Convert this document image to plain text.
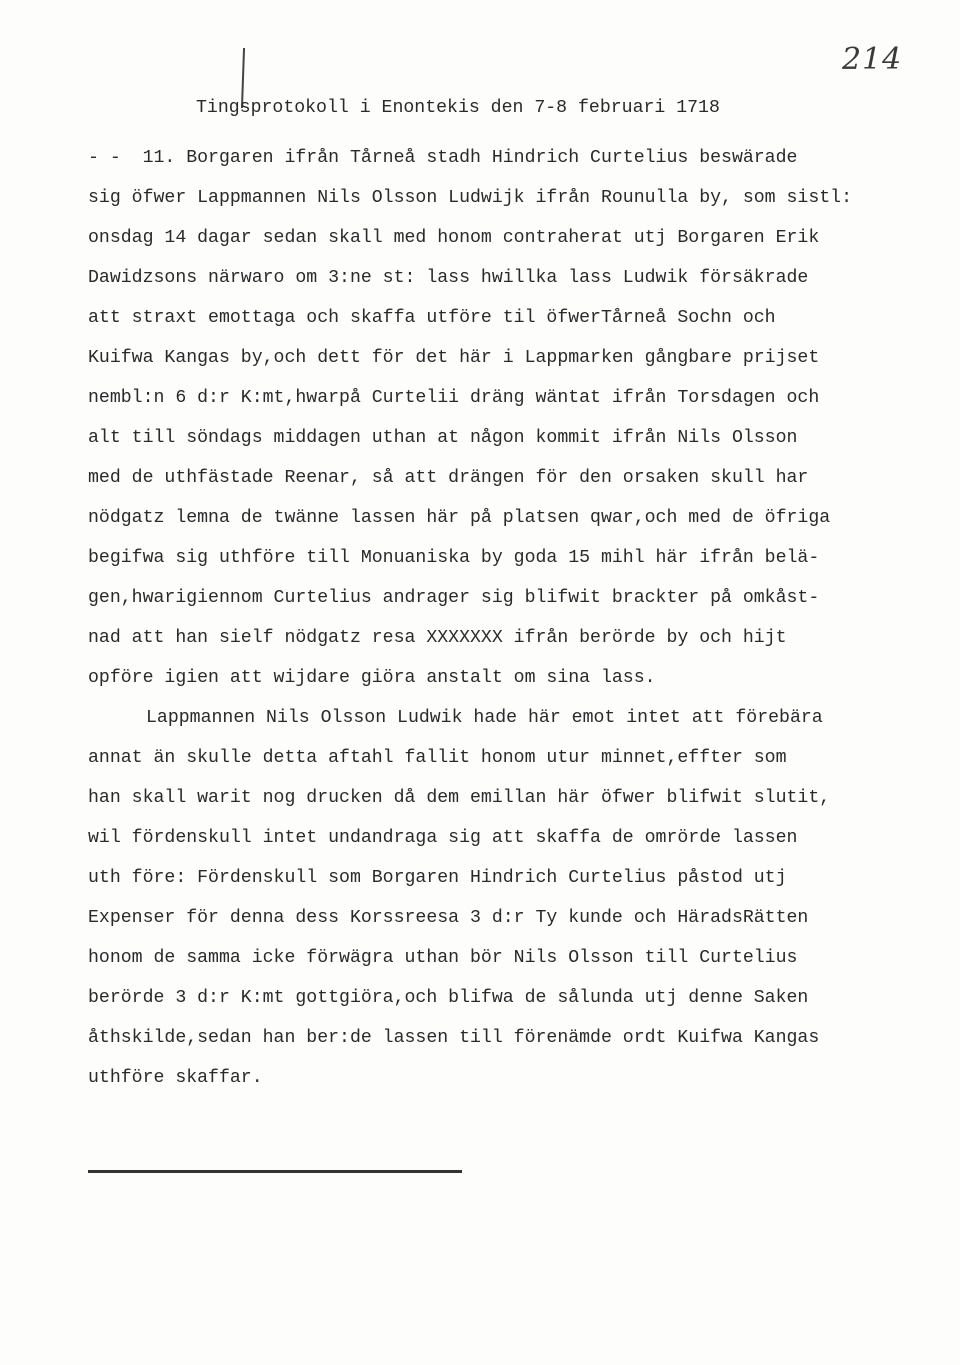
214
Tingsprotokoll i Enontekis den 7-8 februari 1718
- -  11. Borgaren ifrån Tårneå stadh Hindrich Curtelius beswärade
sig öfwer Lappmannen Nils Olsson Ludwijk ifrån Rounulla by, som sistl:
onsdag 14 dagar sedan skall med honom contraherat utj Borgaren Erik
Dawidzsons närwaro om 3:ne st: lass hwillka lass Ludwik försäkrade
att straxt emottaga och skaffa utföre til öfwerTårneå Sochn och
Kuifwa Kangas by,och dett för det här i Lappmarken gångbare prijset
nembl:n 6 d:r K:mt,hwarpå Curtelii dräng wäntat ifrån Torsdagen och
alt till söndags middagen uthan at någon kommit ifrån Nils Olsson
med de uthfästade Reenar, så att drängen för den orsaken skull har
nödgatz lemna de twänne lassen här på platsen qwar,och med de öfriga
begifwa sig uthföre till Monuaniska by goda 15 mihl här ifrån belä-
gen,hwarigiennom Curtelius andrager sig blifwit brackter på omkåst-
nad att han sielf nödgatz resa XXXXXXX ifrån berörde by och hijt
opföre igien att wijdare giöra anstalt om sina lass.
Lappmannen Nils Olsson Ludwik hade här emot intet att förebära
annat än skulle detta aftahl fallit honom utur minnet,effter som
han skall warit nog drucken då dem emillan här öfwer blifwit slutit,
wil fördenskull intet undandraga sig att skaffa de omrörde lassen
uth före: Fördenskull som Borgaren Hindrich Curtelius påstod utj
Expenser för denna dess Korssreesa 3 d:r Ty kunde och HäradsRätten
honom de samma icke förwägra uthan bör Nils Olsson till Curtelius
berörde 3 d:r K:mt gottgiöra,och blifwa de sålunda utj denne Saken
åthskilde,sedan han ber:de lassen till förenämde ordt Kuifwa Kangas
uthföre skaffar.
